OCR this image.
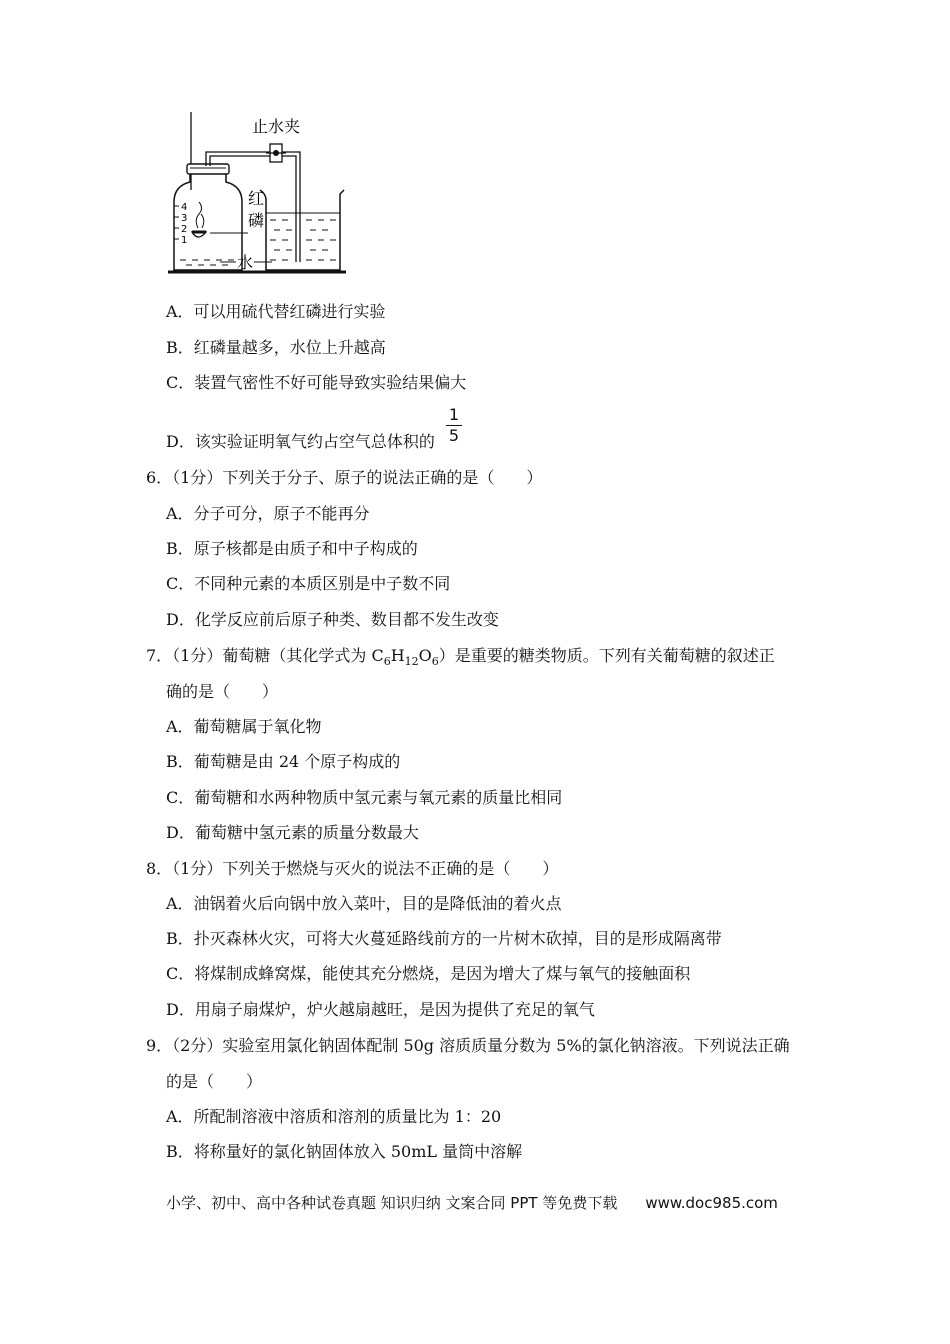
4
3
2
1
止水夹
红
磷
水
A．可以用硫代替红磷进行实验
B．红磷量越多，水位上升越高
C．装置气密性不好可能导致实验结果偏大
D．该实验证明氧气约占空气总体积的
1
5
6．（1分）下列关于分子、原子的说法正确的是（　　）
A．分子可分，原子不能再分
B．原子核都是由质子和中子构成的
C．不同种元素的本质区别是中子数不同
D．化学反应前后原子种类、数目都不发生改变
7．（1分）葡萄糖（其化学式为 $C_6H_{12}O_6$）是重要的糖类物质。下列有关葡萄糖的叙述正
确的是（　　）
A．葡萄糖属于氧化物
B．葡萄糖是由 24 个原子构成的
C．葡萄糖和水两种物质中氢元素与氧元素的质量比相同
D．葡萄糖中氢元素的质量分数最大
8．（1分）下列关于燃烧与灭火的说法不正确的是（　　）
A．油锅着火后向锅中放入菜叶，目的是降低油的着火点
B．扑灭森林火灾，可将大火蔓延路线前方的一片树木砍掉，目的是形成隔离带
C．将煤制成蜂窝煤，能使其充分燃烧，是因为增大了煤与氧气的接触面积
D．用扇子扇煤炉，炉火越扇越旺，是因为提供了充足的氧气
9．（2分）实验室用氯化钠固体配制 50g 溶质质量分数为 5%的氯化钠溶液。下列说法正确
的是（　　）
A．所配制溶液中溶质和溶剂的质量比为 1：20
B．将称量好的氯化钠固体放入 50mL 量筒中溶解
小学、初中、高中各种试卷真题 知识归纳 文案合同 PPT 等免费下载 www.doc985.com
